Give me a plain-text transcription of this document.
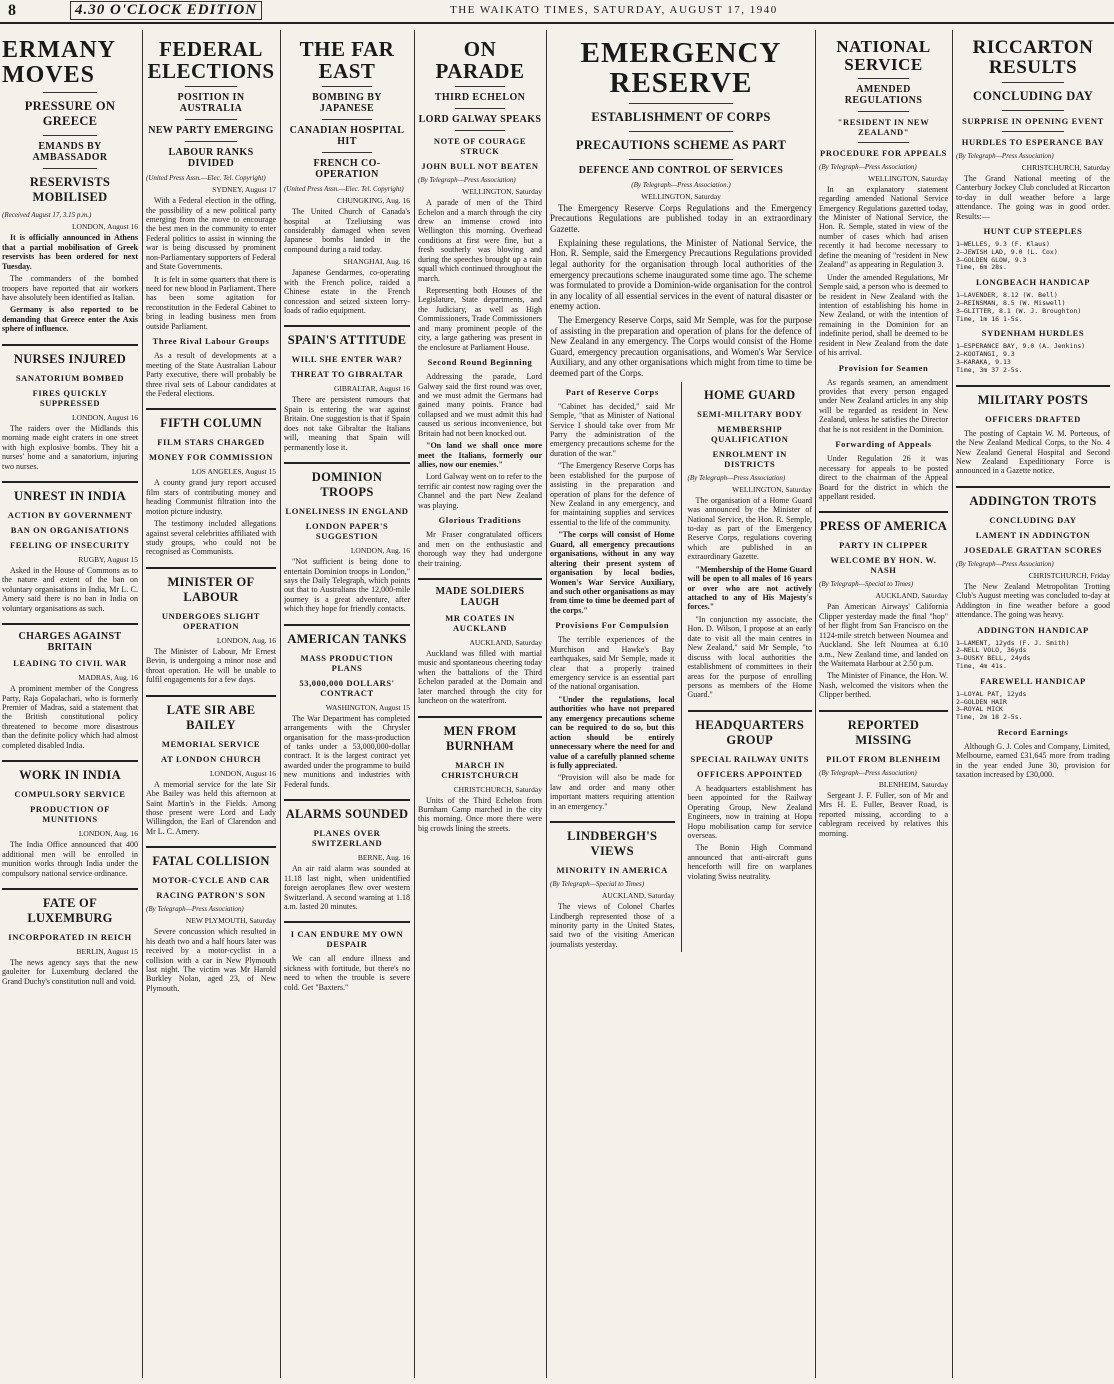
8	4.30 O'CLOCK EDITION	THE WAIKATO TIMES, SATURDAY, AUGUST 17, 1940
ERMANY MOVES
PRESSURE ON GREECE
EMANDS BY AMBASSADOR
RESERVISTS MOBILISED
(Received August 17, 3.15 p.m.)
LONDON, August 16

It is officially announced in Athens that a partial mobilisation of Greek reservists has been ordered for next Tuesday.

The commanders of the bombed troopers have reported that air workers have absolutely been identified as Italian.

Germany is also reported to be demanding that Greece enter the Axis sphere of influence.

NURSES INJURED
SANATORIUM BOMBED
FIRES QUICKLY SUPPRESSED
LONDON, August 16

The raiders over the Midlands this morning made eight craters in one street with high explosive bombs. They hit a nurses' home and a sanatorium, injuring two nurses.

UNREST IN INDIA
ACTION BY GOVERNMENT
BAN ON ORGANISATIONS
FEELING OF INSECURITY
RUGBY, August 15

Asked in the House of Commons as to the nature and extent of the ban on voluntary organisations in India, Mr L. C. Amery said there is no ban in India on voluntary organisations as such.

CHARGES AGAINST BRITAIN
LEADING TO CIVIL WAR
MADRAS, Aug. 16

A prominent member of the Congress Party, Raja Gopalachari, who is formerly Premier of Madras, said a statement that the British constitutional policy threatened to become more disastrous than the definite policy which had almost completed disabled India.

WORK IN INDIA
COMPULSORY SERVICE
PRODUCTION OF MUNITIONS
LONDON, Aug. 16

The India Office announced that 400 additional men will be enrolled in munition works through India under the compulsory national service ordinance.

FATE OF LUXEMBURG
INCORPORATED IN REICH
BERLIN, August 15

The news agency says that the new gauleiter for Luxemburg declared the Grand Duchy's constitution null and void.

FEDERAL ELECTIONS
POSITION IN AUSTRALIA
NEW PARTY EMERGING
LABOUR RANKS DIVIDED
(United Press Assn.—Elec. Tel. Copyright)
SYDNEY, August 17

With a Federal election in the offing, the possibility of a new political party emerging from the move to encourage the best men in the community to enter Federal politics to assist in winning the war is being discussed by prominent non-Parliamentary supporters of Federal and State Governments.

It is felt in some quarters that there is need for new blood in Parliament. There has been some agitation for reconstitution in the Federal Cabinet to bring in leading business men from outside Parliament.

Three Rival Labour Groups

As a result of developments at a meeting of the State Australian Labour Party executive, there will probably be three rival sets of Labour candidates at the Federal elections.

FIFTH COLUMN
FILM STARS CHARGED
MONEY FOR COMMISSION
LOS ANGELES, August 15

A county grand jury report accused film stars of contributing money and heading Communist filtration into the motion picture industry.

The testimony included allegations against several celebrities affiliated with study groups, who could not be recognised as Communists.

MINISTER OF LABOUR
UNDERGOES SLIGHT OPERATION
LONDON, Aug. 16

The Minister of Labour, Mr Ernest Bevin, is undergoing a minor nose and throat operation. He will be unable to fulfil engagements for a few days.

LATE SIR ABE BAILEY
MEMORIAL SERVICE
AT LONDON CHURCH
LONDON, August 16

A memorial service for the late Sir Abe Bailey was held this afternoon at Saint Martin's in the Fields. Among those present were Lord and Lady Willingdon, the Earl of Clarendon and Mr L. C. Amery.

FATAL COLLISION
MOTOR-CYCLE AND CAR
RACING PATRON'S SON
(By Telegraph—Press Association)
NEW PLYMOUTH, Saturday

Severe concussion which resulted in his death two and a half hours later was received by a motor-cyclist in a collision with a car in New Plymouth last night. The victim was Mr Harold Burkley Nolan, aged 23, of New Plymouth.

THE FAR EAST
BOMBING BY JAPANESE
CANADIAN HOSPITAL HIT
FRENCH CO-OPERATION
(United Press Assn.—Elec. Tel. Copyright)
CHUNGKING, Aug. 16

The United Church of Canada's hospital at Tzeliutsing was considerably damaged when seven Japanese bombs landed in the compound during a raid today.

SHANGHAI, Aug. 16

Japanese Gendarmes, co-operating with the French police, raided a Chinese estate in the French concession and seized sixteen lorry-loads of radio equipment.

SPAIN'S ATTITUDE
WILL SHE ENTER WAR?
THREAT TO GIBRALTAR
GIBRALTAR, August 16

There are persistent rumours that Spain is entering the war against Britain. One suggestion is that if Spain does not take Gibraltar the Italians will, meaning that Spain will permanently lose it.

DOMINION TROOPS
LONELINESS IN ENGLAND
LONDON PAPER'S SUGGESTION
LONDON, Aug. 16

"Not sufficient is being done to entertain Dominion troops in London," says the Daily Telegraph, which points out that to Australians the 12,000-mile journey is a great adventure, after which they hope for friendly contacts.

AMERICAN TANKS
MASS PRODUCTION PLANS
53,000,000 DOLLARS' CONTRACT
WASHINGTON, August 15

The War Department has completed arrangements with the Chrysler organisation for the mass-production of tanks under a 53,000,000-dollar contract. It is the largest contract yet awarded under the programme to build new munitions and industries with Federal funds.

ALARMS SOUNDED
PLANES OVER SWITZERLAND
BERNE, Aug. 16

An air raid alarm was sounded at 11.18 last night, when unidentified foreign aeroplanes flew over western Switzerland. A second warning at 1.18 a.m. lasted 20 minutes.

I CAN ENDURE MY OWN DESPAIR

We can all endure illness and sickness with fortitude, but there's no need to when the trouble is severe cold. Get "Baxters."

ON PARADE
THIRD ECHELON
LORD GALWAY SPEAKS
NOTE OF COURAGE STRUCK
JOHN BULL NOT BEATEN
(By Telegraph—Press Association)
WELLINGTON, Saturday

A parade of men of the Third Echelon and a march through the city drew an immense crowd into Wellington this morning. Overhead conditions at first were fine, but a fresh southerly was blowing and during the speeches brought up a rain squall which continued throughout the march.

Representing both Houses of the Legislature, State departments, and the Judiciary, as well as High Commissioners, Trade Commissioners and many prominent people of the city, a large gathering was present in the enclosure at Parliament House.

Second Round Beginning

Addressing the parade, Lord Galway said the first round was over, and we must admit the Germans had gained many points. France had collapsed and we must admit this had caused us serious inconvenience, but Britain had not been knocked out.

"On land we shall once more meet the Italians, formerly our allies, now our enemies."

Lord Galway went on to refer to the terrific air contest now raging over the Channel and the part New Zealand was playing.

Glorious Traditions

Mr Fraser congratulated officers and men on the enthusiastic and thorough way they had undergone their training.

MADE SOLDIERS LAUGH
MR COATES IN AUCKLAND
AUCKLAND, Saturday

Auckland was filled with martial music and spontaneous cheering today when the battalions of the Third Echelon paraded at the Domain and later marched through the city for luncheon on the waterfront.

MEN FROM BURNHAM
MARCH IN CHRISTCHURCH
CHRISTCHURCH, Saturday

Units of the Third Echelon from Burnham Camp marched in the city this morning. Once more there were big crowds lining the streets.

EMERGENCY RESERVE
ESTABLISHMENT OF CORPS
PRECAUTIONS SCHEME AS PART
DEFENCE AND CONTROL OF SERVICES
(By Telegraph—Press Association.)
WELLINGTON, Saturday

The Emergency Reserve Corps Regulations and the Emergency Precautions Regulations are published today in an extraordinary Gazette.

Explaining these regulations, the Minister of National Service, the Hon. R. Semple, said the Emergency Precautions Regulations provided legal authority for the organisation through local authorities of the emergency precautions scheme inaugurated some time ago. The scheme was formulated to provide a Dominion-wide organisation for the control in any locality of all essential services in the event of natural disaster or enemy action.

The Emergency Reserve Corps, said Mr Semple, was for the purpose of assisting in the preparation and operation of plans for the defence of New Zealand in any emergency. The Corps would consist of the Home Guard, emergency precaution organisations, and Women's War Service Auxiliary, and any other organisations which might from time to time be deemed part of the Corps.

Part of Reserve Corps

"Cabinet has decided," said Mr Semple, "that as Minister of National Service I should take over from Mr Parry the administration of the emergency precautions scheme for the duration of the war."

"The Emergency Reserve Corps has been established for the purpose of assisting in the preparation and operation of plans for the defence of New Zealand in any emergency, and for maintaining supplies and services essential to the life of the community.

"The corps will consist of Home Guard, all emergency precautions organisations, without in any way altering their present system of organisation by local bodies, Women's War Service Auxiliary, and such other organisations as may from time to time be deemed part of the corps."

Provisions For Compulsion

The terrible experiences of the Murchison and Hawke's Bay earthquakes, said Mr Semple, made it clear that a properly trained emergency service is an essential part of the national organisation.

"Under the regulations, local authorities who have not prepared any emergency precautions scheme can be required to do so, but this action should be entirely unnecessary where the need for and value of a carefully planned scheme is fully appreciated.

"Provision will also be made for law and order and many other important matters requiring attention in an emergency."

LINDBERGH'S VIEWS
MINORITY IN AMERICA
(By Telegraph—Special to Times)
AUCKLAND, Saturday

The views of Colonel Charles Lindbergh represented those of a minority party in the United States, said two of the visiting American journalists yesterday.

HOME GUARD
SEMI-MILITARY BODY
MEMBERSHIP QUALIFICATION
ENROLMENT IN DISTRICTS
(By Telegraph—Press Association)
WELLINGTON, Saturday

The organisation of a Home Guard was announced by the Minister of National Service, the Hon. R. Semple, to-day as part of the Emergency Reserve Corps, regulations covering which are published in an extraordinary Gazette.

"Membership of the Home Guard will be open to all males of 16 years or over who are not actively attached to any of His Majesty's forces."

"In conjunction my associate, the Hon. D. Wilson, I propose at an early date to visit all the main centres in New Zealand," said Mr Semple, "to discuss with local authorities the establishment of committees in their areas for the purpose of enrolling persons as members of the Home Guard."

HEADQUARTERS GROUP
SPECIAL RAILWAY UNITS
OFFICERS APPOINTED

A headquarters establishment has been appointed for the Railway Operating Group, New Zealand Engineers, now in training at Hopu Hopu mobilisation camp for service overseas.

The Bonin High Command announced that anti-aircraft guns henceforth will fire on warplanes violating Swiss neutrality.

NATIONAL SERVICE
AMENDED REGULATIONS
"RESIDENT IN NEW ZEALAND"
PROCEDURE FOR APPEALS
(By Telegraph—Press Association)
WELLINGTON, Saturday

In an explanatory statement regarding amended National Service Emergency Regulations gazetted today, the Minister of National Service, the Hon. R. Semple, stated in view of the number of cases which had arisen recently it had become necessary to define the meaning of "resident in New Zealand" as appearing in Regulation 3.

Under the amended Regulations, Mr Semple said, a person who is deemed to be resident in New Zealand with the intention of establishing his home in New Zealand, or with the intention of remaining in the Dominion for an indefinite period, shall be deemed to be resident in New Zealand from the date of his arrival.

Provision for Seamen

As regards seamen, an amendment provides that every person engaged under New Zealand articles in any ship will be regarded as resident in New Zealand, unless he satisfies the Director that he is not resident in the Dominion.

Forwarding of Appeals

Under Regulation 26 it was necessary for appeals to be posted direct to the chairman of the Appeal Board for the district in which the appellant resided.

PRESS OF AMERICA
PARTY IN CLIPPER
WELCOME BY HON. W. NASH
(By Telegraph—Special to Times)
AUCKLAND, Saturday

Pan American Airways' California Clipper yesterday made the final "hop" of her flight from San Francisco on the 1124-mile stretch between Noumea and Auckland. She left Noumea at 6.10 a.m., New Zealand time, and landed on the Waitemata Harbour at 2.50 p.m.

The Minister of Finance, the Hon. W. Nash, welcomed the visitors when the Clipper berthed.

REPORTED MISSING
PILOT FROM BLENHEIM
(By Telegraph—Press Association)
BLENHEIM, Saturday

Sergeant J. F. Fuller, son of Mr and Mrs H. E. Fuller, Beaver Road, is reported missing, according to a cablegram received by relatives this morning.

RICCARTON RESULTS
CONCLUDING DAY
SURPRISE IN OPENING EVENT
HURDLES TO ESPERANCE BAY
(By Telegraph—Press Association)
CHRISTCHURCH, Saturday

The Grand National meeting of the Canterbury Jockey Club concluded at Riccarton to-day in dull weather before a large attendance. The going was in good order. Results:—

HUNT CUP STEEPLES
1—WELLES, 9.3 (F. Klaus)
2—JEWISH LAD, 9.0 (L. Cox)
3—GOLDEN GLOW, 9.3
Time, 6m 28s.
LONGBEACH HANDICAP
1—LAVENDER, 8.12 (W. Bell)
2—REINSMAN, 8.5 (W. Miswell)
3—GLITTER, 8.1 (W. J. Broughton)
Time, 1m 16 1-5s.
SYDENHAM HURDLES
1—ESPERANCE BAY, 9.0 (A. Jenkins)
2—KOOTANGI, 9.3
3—KARAKA, 9.13
Time, 3m 37 2-5s.
MILITARY POSTS
OFFICERS DRAFTED

The posting of Captain W. M. Porteous, of the New Zealand Medical Corps, to the No. 4 New Zealand General Hospital and Second New Zealand Expeditionary Force is announced in a Gazette notice.

ADDINGTON TROTS
CONCLUDING DAY
LAMENT IN ADDINGTON
JOSEDALE GRATTAN SCORES
(By Telegraph—Press Association)
CHRISTCHURCH, Friday

The New Zealand Metropolitan Trotting Club's August meeting was concluded to-day at Addington in fine weather before a good attendance. The going was heavy.

ADDINGTON HANDICAP
1—LAMENT, 12yds (F. J. Smith)
2—NELL VOLO, 36yds
3—DUSKY BELL, 24yds
Time, 4m 41s.
FAREWELL HANDICAP
1—LOYAL PAT, 12yds
2—GOLDEN HAIR
3—ROYAL MICK
Time, 2m 18 2-5s.
Record Earnings

Although G. J. Coles and Company, Limited, Melbourne, earned £31,645 more from trading in the year ended June 30, provision for taxation increased by £30,000.
